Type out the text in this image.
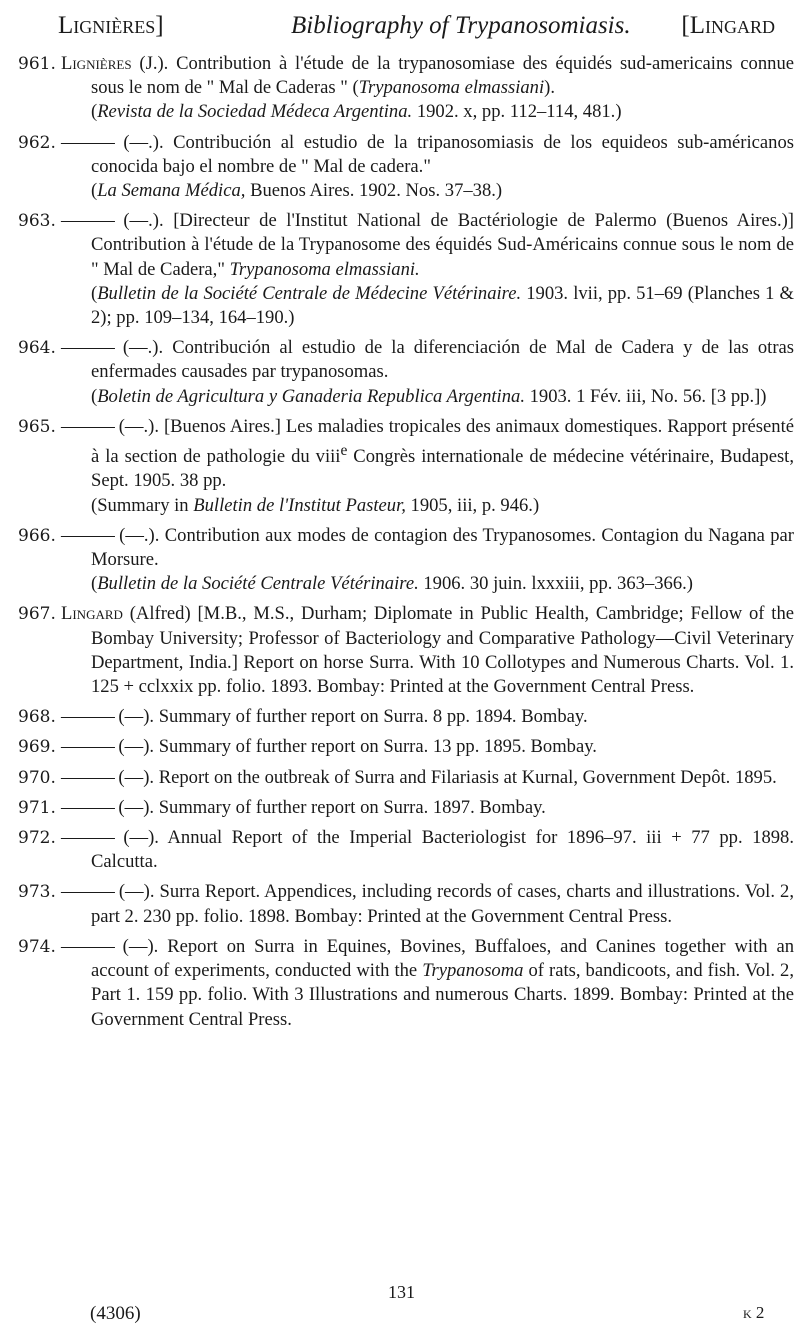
Lignières]	Bibliography of Trypanosomiasis. [Lingard
961. Lignières (J.). Contribution à l'étude de la trypanosomiase des équidés sud-americains connue sous le nom de " Mal de Caderas " (Trypanosoma elmassiani).
(Revista de la Sociedad Médeca Argentina. 1902. x, pp. 112–114, 481.)
962. ——— (—.). Contribución al estudio de la tripanosomiasis de los equideos sub-américanos conocida bajo el nombre de " Mal de cadera."
(La Semana Médica, Buenos Aires. 1902. Nos. 37–38.)
963. ——— (—.). [Directeur de l'Institut National de Bactériologie de Palermo (Buenos Aires.)] Contribution à l'étude de la Trypanosome des équidés Sud-Américains connue sous le nom de " Mal de Cadera," Trypanosoma elmassiani.
(Bulletin de la Société Centrale de Médecine Vétérinaire. 1903. lvii, pp. 51–69 (Planches 1 & 2); pp. 109–134, 164–190.)
964. ——— (—.). Contribución al estudio de la diferenciación de Mal de Cadera y de las otras enfermades causades par trypanosomas.
(Boletin de Agricultura y Ganaderia Republica Argentina. 1903. 1 Fév. iii, No. 56. [3 pp.])
965. ——— (—.). [Buenos Aires.] Les maladies tropicales des animaux domestiques. Rapport présenté à la section de pathologie du viii$^e$ Congrès internationale de médecine vétérinaire, Budapest, Sept. 1905. 38 pp.
(Summary in Bulletin de l'Institut Pasteur, 1905, iii, p. 946.)
966. ——— (—.). Contribution aux modes de contagion des Trypanosomes. Contagion du Nagana par Morsure.
(Bulletin de la Société Centrale Vétérinaire. 1906. 30 juin. lxxxiii, pp. 363–366.)
967. Lingard (Alfred) [M.B., M.S., Durham; Diplomate in Public Health, Cambridge; Fellow of the Bombay University; Professor of Bacteriology and Comparative Pathology—Civil Veterinary Department, India.] Report on horse Surra. With 10 Collotypes and Numerous Charts. Vol. 1. 125 + cclxxix pp. folio. 1893. Bombay: Printed at the Government Central Press.
968. ——— (—). Summary of further report on Surra. 8 pp. 1894. Bombay.
969. ——— (—). Summary of further report on Surra. 13 pp. 1895. Bombay.
970. ——— (—). Report on the outbreak of Surra and Filariasis at Kurnal, Government Depôt. 1895.
971. ——— (—). Summary of further report on Surra. 1897. Bombay.
972. ——— (—). Annual Report of the Imperial Bacteriologist for 1896–97. iii + 77 pp. 1898. Calcutta.
973. ——— (—). Surra Report. Appendices, including records of cases, charts and illustrations. Vol. 2, part 2. 230 pp. folio. 1898. Bombay: Printed at the Government Central Press.
974. ——— (—). Report on Surra in Equines, Bovines, Buffaloes, and Canines together with an account of experiments, conducted with the Trypanosoma of rats, bandicoots, and fish. Vol. 2, Part 1. 159 pp. folio. With 3 Illustrations and numerous Charts. 1899. Bombay: Printed at the Government Central Press.
131
(4306)	k 2
